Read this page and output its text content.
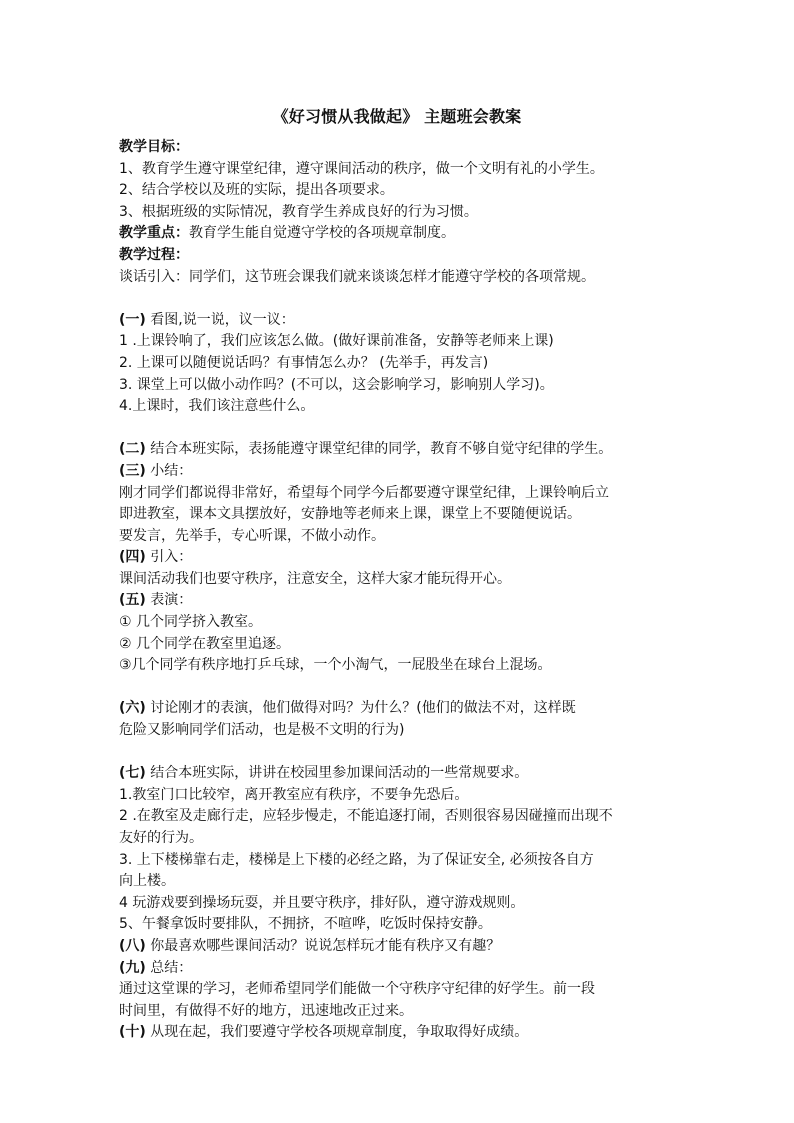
《好习惯从我做起》 主题班会教案
教学目标：
1、教育学生遵守课堂纪律，遵守课间活动的秩序，做一个文明有礼的小学生。
2、结合学校以及班的实际，提出各项要求。
3、根据班级的实际情况，教育学生养成良好的行为习惯。
教学重点：教育学生能自觉遵守学校的各项规章制度。
教学过程：
谈话引入：同学们，这节班会课我们就来谈谈怎样才能遵守学校的各项常规。
(一) 看图,说一说，议一议：
1 .上课铃响了，我们应该怎么做。(做好课前准备，安静等老师来上课)
2. 上课可以随便说话吗？有事情怎么办？ (先举手，再发言)
3. 课堂上可以做小动作吗？(不可以，这会影响学习，影响别人学习)。
4.上课时，我们该注意些什么。
(二) 结合本班实际，表扬能遵守课堂纪律的同学，教育不够自觉守纪律的学生。
(三) 小结：
刚才同学们都说得非常好，希望每个同学今后都要遵守课堂纪律，上课铃响后立
即进教室，课本文具摆放好，安静地等老师来上课，课堂上不要随便说话。
要发言，先举手，专心听课，不做小动作。
(四) 引入：
课间活动我们也要守秩序，注意安全，这样大家才能玩得开心。
(五) 表演：
① 几个同学挤入教室。
② 几个同学在教室里追逐。
③几个同学有秩序地打乒乓球，一个小淘气，一屁股坐在球台上混场。
(六) 讨论刚才的表演，他们做得对吗？为什么？(他们的做法不对，这样既
危险又影响同学们活动，也是极不文明的行为)
(七) 结合本班实际，讲讲在校园里参加课间活动的一些常规要求。
1.教室门口比较窄，离开教室应有秩序，不要争先恐后。
2 .在教室及走廊行走，应轻步慢走，不能追逐打闹，否则很容易因碰撞而出现不
友好的行为。
3. 上下楼梯靠右走，楼梯是上下楼的必经之路，为了保证安全, 必须按各自方
向上楼。
4 玩游戏要到操场玩耍，并且要守秩序，排好队，遵守游戏规则。
5、午餐拿饭时要排队，不拥挤，不喧哗，吃饭时保持安静。
(八) 你最喜欢哪些课间活动？说说怎样玩才能有秩序又有趣？
(九) 总结：
通过这堂课的学习，老师希望同学们能做一个守秩序守纪律的好学生。前一段
时间里，有做得不好的地方，迅速地改正过来。
(十) 从现在起，我们要遵守学校各项规章制度，争取取得好成绩。
